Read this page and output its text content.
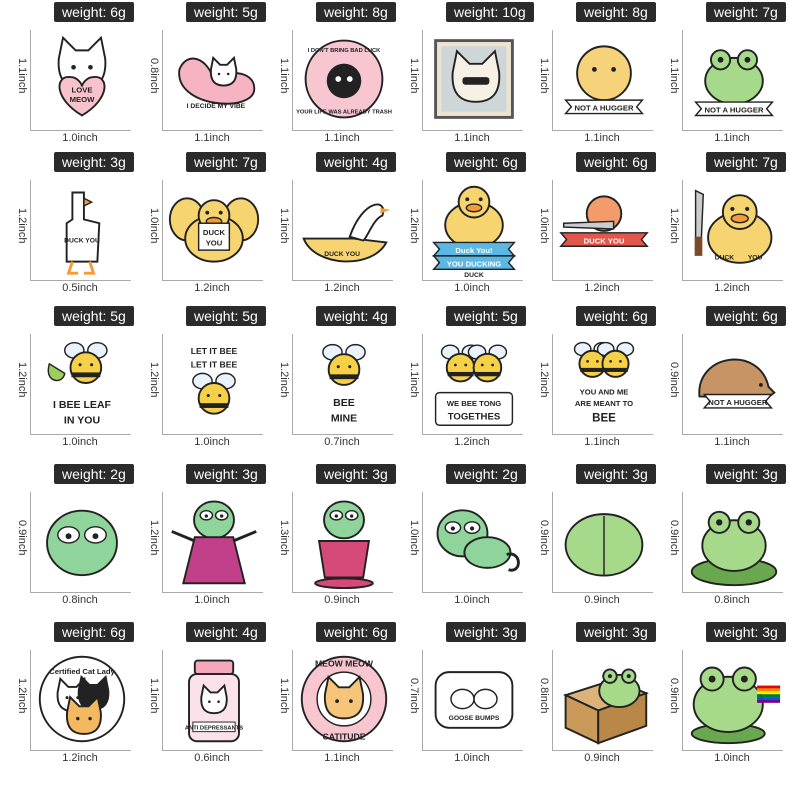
weight: 6g
1.1inch
1.0inch
LOVE
MEOW
weight: 5g
0.8inch
1.1inch
I DECIDE MY VIBE
weight: 8g
1.1inch
1.1inch
I DON'T BRING BAD LUCK
YOUR LIFE WAS ALREADY TRASH
weight: 10g
1.1inch
1.1inch
weight: 8g
1.1inch
1.1inch
NOT A HUGGER
weight: 7g
1.1inch
1.1inch
NOT A HUGGER
weight: 3g
1.2inch
0.5inch
DUCK YOU
weight: 7g
1.0inch
1.2inch
DUCK
YOU
weight: 4g
1.1inch
1.2inch
DUCK YOU
weight: 6g
1.2inch
1.0inch
Duck You!
YOU DUCKING
DUCK
weight: 6g
1.0inch
1.2inch
DUCK YOU
weight: 7g
1.2inch
1.2inch
DUCK YOU
weight: 5g
1.2inch
1.0inch
I BEE LEAF
IN YOU
weight: 5g
1.2inch
1.0inch
LET IT BEE
LET IT BEE
weight: 4g
1.2inch
0.7inch
BEE
MINE
weight: 5g
1.1inch
1.2inch
WE BEE TONG
TOGETHES
weight: 6g
1.2inch
1.1inch
YOU AND ME
ARE MEANT TO
BEE
weight: 6g
0.9inch
1.1inch
NOT A HUGGER
weight: 2g
0.9inch
0.8inch
weight: 3g
1.2inch
1.0inch
weight: 3g
1.3inch
0.9inch
weight: 2g
1.0inch
1.0inch
weight: 3g
0.9inch
0.9inch
weight: 3g
0.9inch
0.8inch
weight: 6g
1.2inch
1.2inch
Certified Cat Lady
weight: 4g
1.1inch
0.6inch
ANTI DEPRESSANTS
weight: 6g
1.1inch
1.1inch
MEOW MEOW
CATITUDE
weight: 3g
0.7inch
1.0inch
GOOSE BUMPS
weight: 3g
0.8inch
0.9inch
weight: 3g
0.9inch
1.0inch
